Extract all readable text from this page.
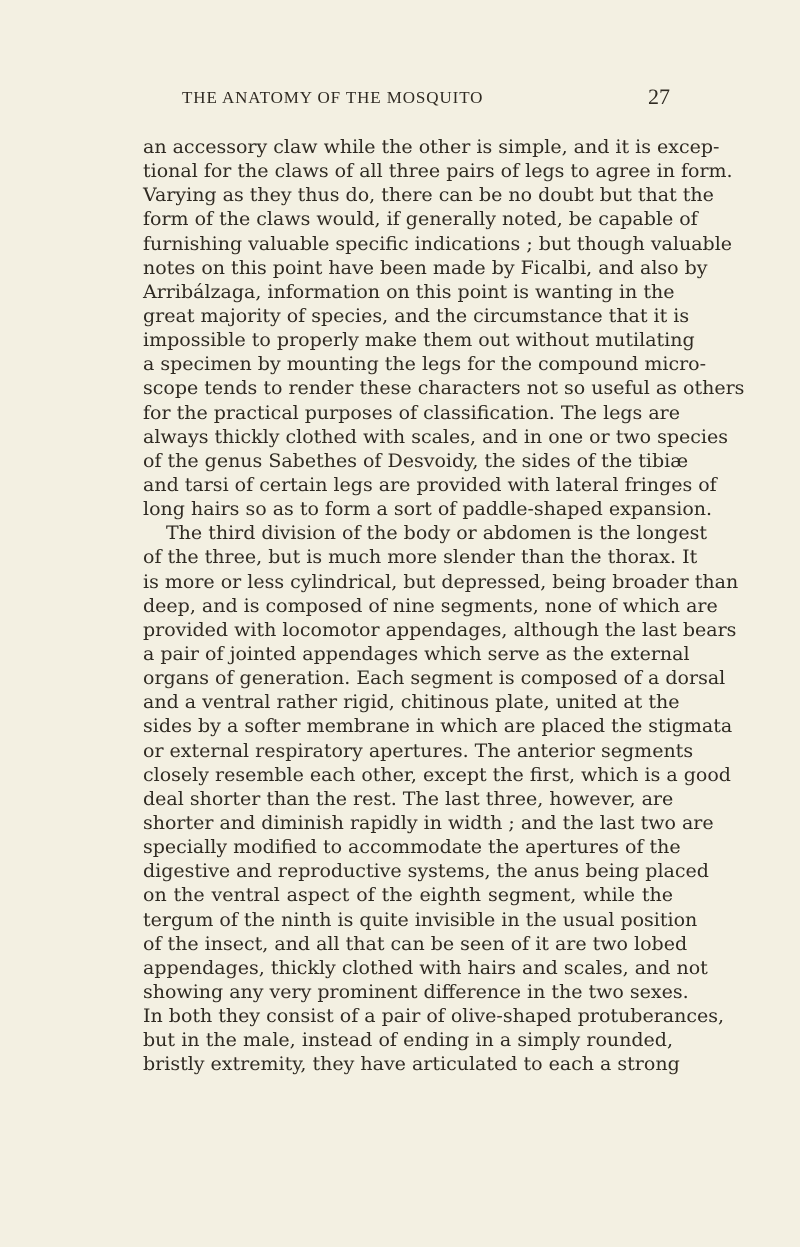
THE ANATOMY OF THE MOSQUITO	27
an accessory claw while the other is simple, and it is excep-
tional for the claws of all three pairs of legs to agree in form.
Varying as they thus do, there can be no doubt but that the
form of the claws would, if generally noted, be capable of
furnishing valuable specific indications ; but though valuable
notes on this point have been made by Ficalbi, and also by
Arribálzaga, information on this point is wanting in the
great majority of species, and the circumstance that it is
impossible to properly make them out without mutilating
a specimen by mounting the legs for the compound micro-
scope tends to render these characters not so useful as others
for the practical purposes of classification. The legs are
always thickly clothed with scales, and in one or two species
of the genus Sabethes of Desvoidy, the sides of the tibiæ
and tarsi of certain legs are provided with lateral fringes of
long hairs so as to form a sort of paddle-shaped expansion.
The third division of the body or abdomen is the longest
of the three, but is much more slender than the thorax. It
is more or less cylindrical, but depressed, being broader than
deep, and is composed of nine segments, none of which are
provided with locomotor appendages, although the last bears
a pair of jointed appendages which serve as the external
organs of generation. Each segment is composed of a dorsal
and a ventral rather rigid, chitinous plate, united at the
sides by a softer membrane in which are placed the stigmata
or external respiratory apertures. The anterior segments
closely resemble each other, except the first, which is a good
deal shorter than the rest. The last three, however, are
shorter and diminish rapidly in width ; and the last two are
specially modified to accommodate the apertures of the
digestive and reproductive systems, the anus being placed
on the ventral aspect of the eighth segment, while the
tergum of the ninth is quite invisible in the usual position
of the insect, and all that can be seen of it are two lobed
appendages, thickly clothed with hairs and scales, and not
showing any very prominent difference in the two sexes.
In both they consist of a pair of olive-shaped protuberances,
but in the male, instead of ending in a simply rounded,
bristly extremity, they have articulated to each a strong
